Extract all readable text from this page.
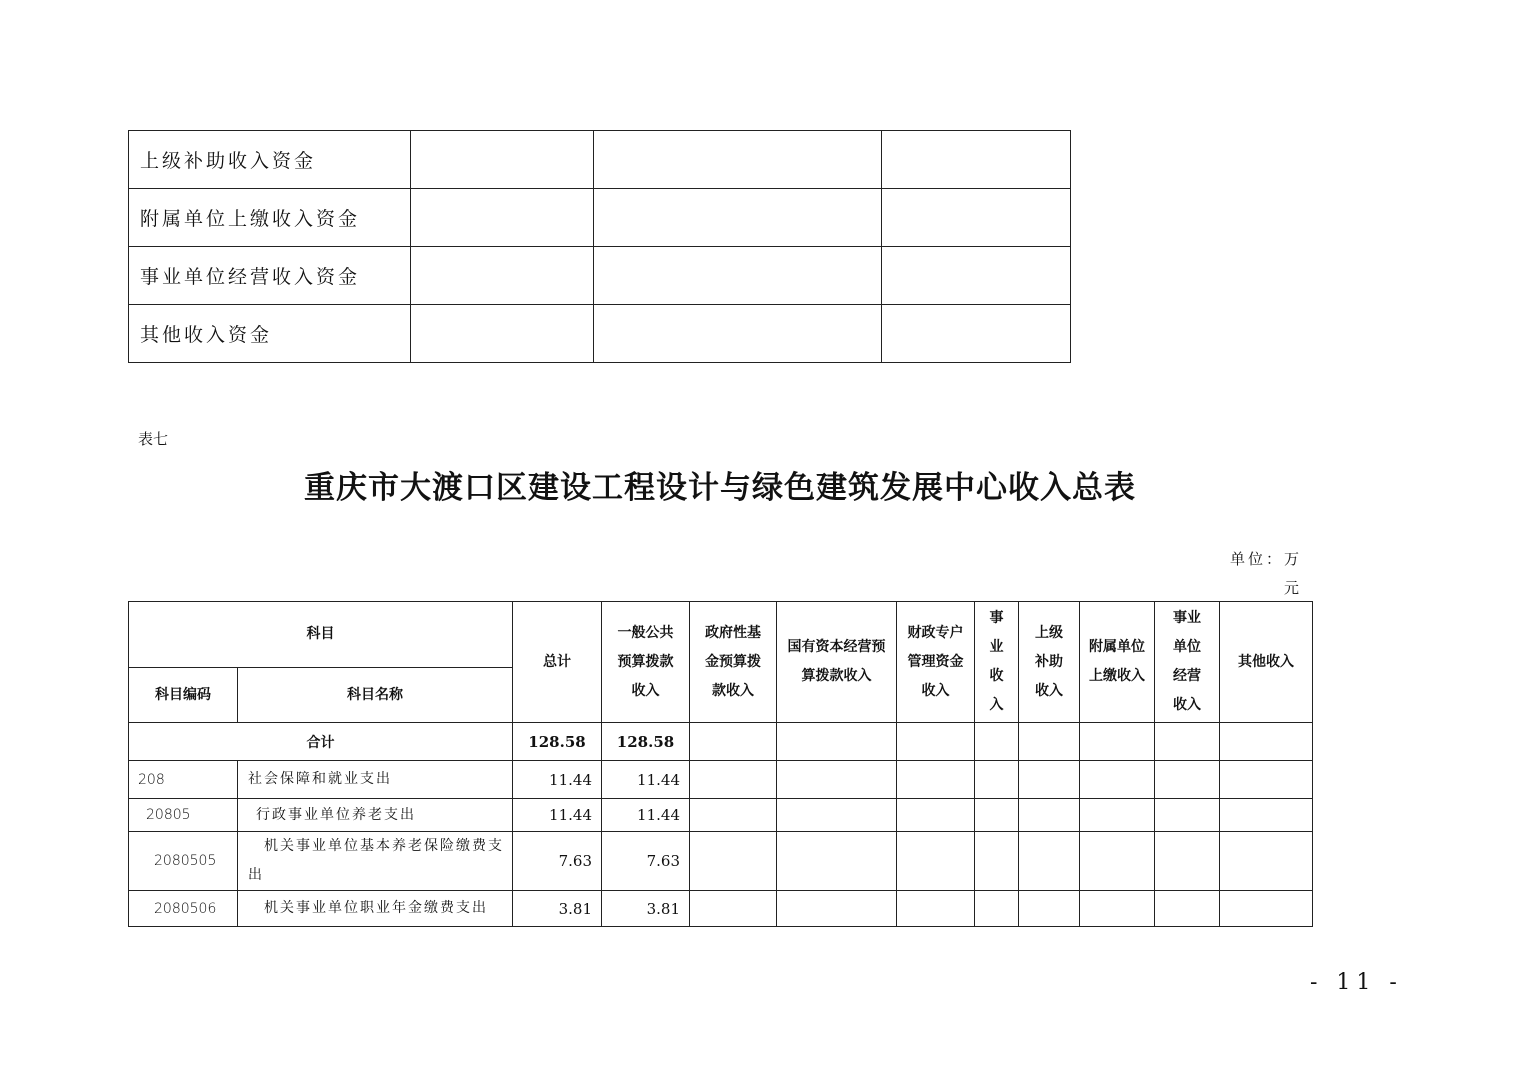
上级补助收入资金			
附属单位上缴收入资金			
事业单位经营收入资金			
其他收入资金			
表七
重庆市大渡口区建设工程设计与绿色建筑发展中心收入总表
单位：万元
科目		总计	一般公共预算拨款收入	政府性基金预算拨款收入	国有资本经营预算拨款收入	财政专户管理资金收入	事业收入	上级补助收入	附属单位上缴收入	事业单位经营收入	其他收入
科目编码	科目名称										
合计		128.58	128.58								
208	社会保障和就业支出	11.44	11.44								
20805	行政事业单位养老支出	11.44	11.44								
2080505	机关事业单位基本养老保险缴费支出	7.63	7.63								
2080506	机关事业单位职业年金缴费支出	3.81	3.81								
- 11 -
